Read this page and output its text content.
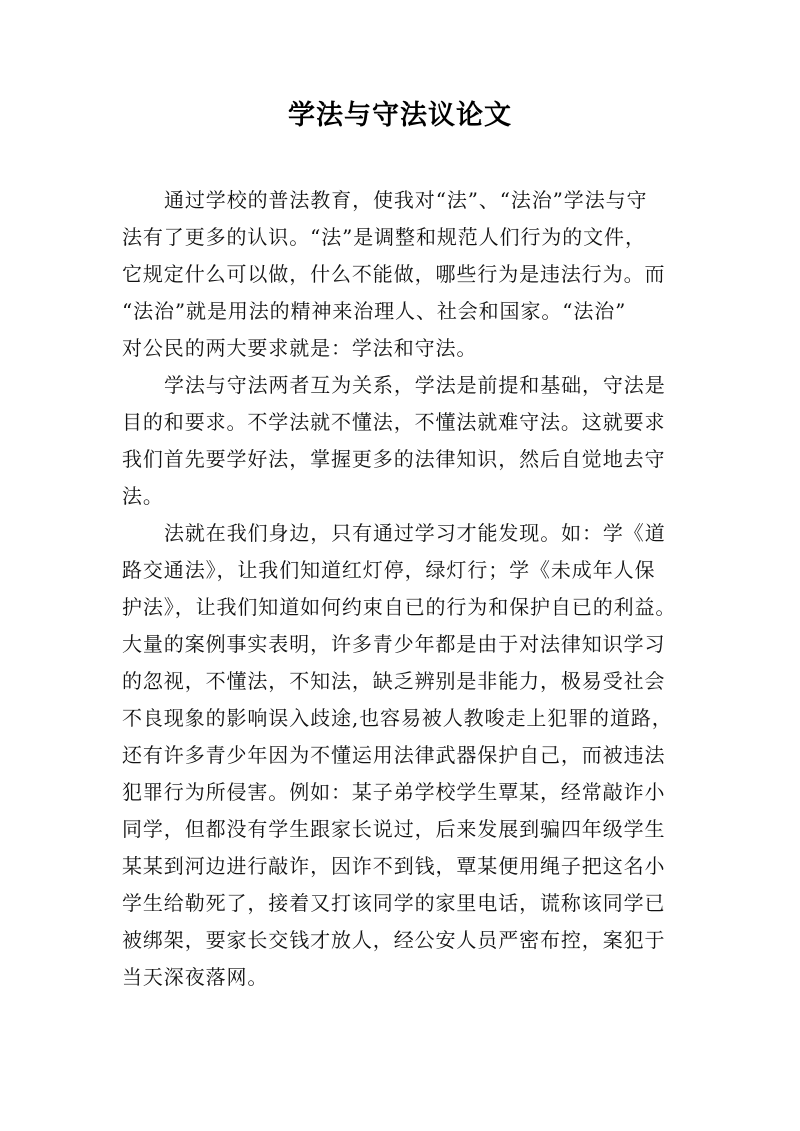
学法与守法议论文

通过学校的普法教育，使我对“法”、“法治”学法与守
法有了更多的认识。“法”是调整和规范人们行为的文件，
它规定什么可以做，什么不能做，哪些行为是违法行为。而
“法治”就是用法的精神来治理人、社会和国家。“法治”
对公民的两大要求就是：学法和守法。

学法与守法两者互为关系，学法是前提和基础，守法是
目的和要求。不学法就不懂法，不懂法就难守法。这就要求
我们首先要学好法，掌握更多的法律知识，然后自觉地去守
法。

法就在我们身边，只有通过学习才能发现。如：学《道
路交通法》，让我们知道红灯停，绿灯行；学《未成年人保
护法》，让我们知道如何约束自已的行为和保护自已的利益。
大量的案例事实表明，许多青少年都是由于对法律知识学习
的忽视，不懂法，不知法，缺乏辨别是非能力，极易受社会
不良现象的影响误入歧途,也容易被人教唆走上犯罪的道路，
还有许多青少年因为不懂运用法律武器保护自己，而被违法
犯罪行为所侵害。例如：某子弟学校学生覃某，经常敲诈小
同学，但都没有学生跟家长说过，后来发展到骗四年级学生
某某到河边进行敲诈，因诈不到钱，覃某便用绳子把这名小
学生给勒死了，接着又打该同学的家里电话，谎称该同学已
被绑架，要家长交钱才放人，经公安人员严密布控，案犯于
当天深夜落网。
